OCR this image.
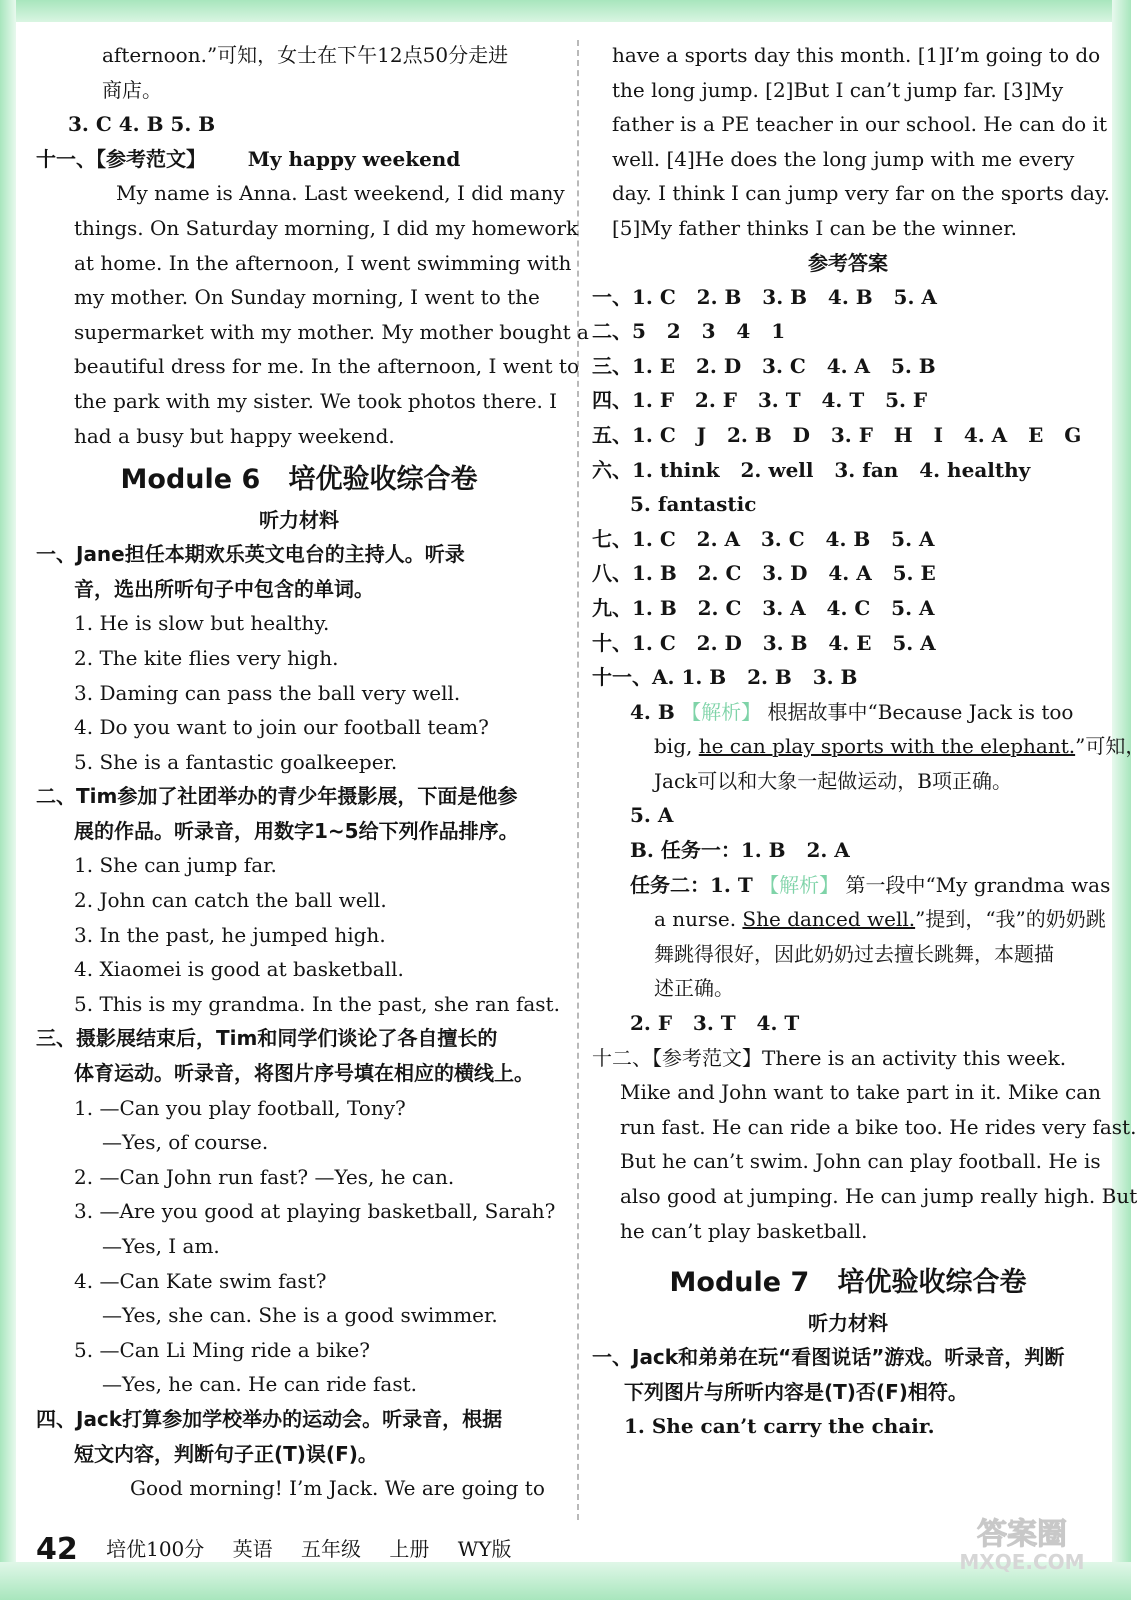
afternoon.”可知，女士在下午12点50分走进
商店。
3. C 4. B 5. B
十一、【参考范文】      My happy weekend
My name is Anna. Last weekend, I did many
things. On Saturday morning, I did my homework
at home. In the afternoon, I went swimming with
my mother. On Sunday morning, I went to the
supermarket with my mother. My mother bought a
beautiful dress for me. In the afternoon, I went to
the park with my sister. We took photos there. I
had a busy but happy weekend.
Module 6   培优验收综合卷
听力材料
一、Jane担任本期欢乐英文电台的主持人。听录
音，选出所听句子中包含的单词。
1. He is slow but healthy.
2. The kite flies very high.
3. Daming can pass the ball very well.
4. Do you want to join our football team?
5. She is a fantastic goalkeeper.
二、Tim参加了社团举办的青少年摄影展，下面是他参
展的作品。听录音，用数字1~5给下列作品排序。
1. She can jump far.
2. John can catch the ball well.
3. In the past, he jumped high.
4. Xiaomei is good at basketball.
5. This is my grandma. In the past, she ran fast.
三、摄影展结束后，Tim和同学们谈论了各自擅长的
体育运动。听录音，将图片序号填在相应的横线上。
1. —Can you play football, Tony?
—Yes, of course.
2. —Can John run fast? —Yes, he can.
3. —Are you good at playing basketball, Sarah?
—Yes, I am.
4. —Can Kate swim fast?
—Yes, she can. She is a good swimmer.
5. —Can Li Ming ride a bike?
—Yes, he can. He can ride fast.
四、Jack打算参加学校举办的运动会。听录音，根据
短文内容，判断句子正(T)误(F)。
Good morning! I’m Jack. We are going to
have a sports day this month. [1]I’m going to do
the long jump. [2]But I can’t jump far. [3]My
father is a PE teacher in our school. He can do it
well. [4]He does the long jump with me every
day. I think I can jump very far on the sports day.
[5]My father thinks I can be the winner.
参考答案
一、1. C   2. B   3. B   4. B   5. A
二、5   2   3   4   1
三、1. E   2. D   3. C   4. A   5. B
四、1. F   2. F   3. T   4. T   5. F
五、1. C   J   2. B   D   3. F   H   I   4. A   E   G
六、1. think   2. well   3. fan   4. healthy
5. fantastic
七、1. C   2. A   3. C   4. B   5. A
八、1. B   2. C   3. D   4. A   5. E
九、1. B   2. C   3. A   4. C   5. A
十、1. C   2. D   3. B   4. E   5. A
十一、A. 1. B   2. B   3. B
4. B 【解析】 根据故事中“Because Jack is too
big, he can play sports with the elephant.”可知，
Jack可以和大象一起做运动，B项正确。
5. A
B. 任务一：1. B   2. A
任务二：1. T 【解析】 第一段中“My grandma was
a nurse. She danced well.”提到，“我”的奶奶跳
舞跳得很好，因此奶奶过去擅长跳舞，本题描
述正确。
2. F   3. T   4. T
十二、【参考范文】There is an activity this week.
Mike and John want to take part in it. Mike can
run fast. He can ride a bike too. He rides very fast.
But he can’t swim. John can play football. He is
also good at jumping. He can jump really high. But
he can’t play basketball.
Module 7   培优验收综合卷
听力材料
一、Jack和弟弟在玩“看图说话”游戏。听录音，判断
下列图片与所听内容是(T)否(F)相符。
1. She can’t carry the chair.
42 培优100分 英语 五年级 上册 WY版	答案圈
MXQE.COM
